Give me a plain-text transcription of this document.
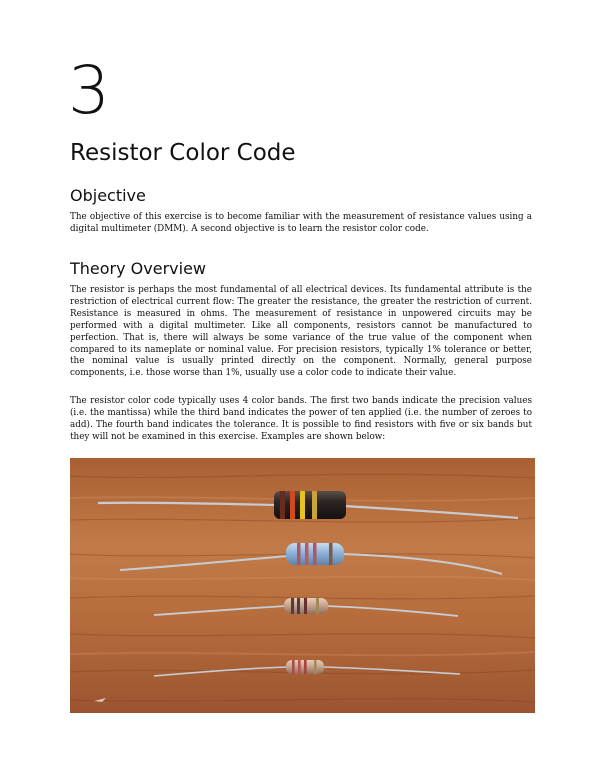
3
Resistor Color Code
Objective

The objective of this exercise is to become familiar with the measurement of resistance values using a digital multimeter (DMM). A second objective is to learn the resistor color code.

Theory Overview

The resistor is perhaps the most fundamental of all electrical devices. Its fundamental attribute is the restriction of electrical current flow: The greater the resistance, the greater the restriction of current. Resistance is measured in ohms. The measurement of resistance in unpowered circuits may be performed with a digital multimeter. Like all components, resistors cannot be manufactured to perfection. That is, there will always be some variance of the true value of the component when compared to its nameplate or nominal value. For precision resistors, typically 1% tolerance or better, the nominal value is usually printed directly on the component. Normally, general purpose components, i.e. those worse than 1%, usually use a color code to indicate their value.

The resistor color code typically uses 4 color bands. The first two bands indicate the precision values (i.e. the mantissa) while the third band indicates the power of ten applied (i.e. the number of zeroes to add). The fourth band indicates the tolerance. It is possible to find resistors with five or six bands but they will not be examined in this exercise. Examples are shown below:
